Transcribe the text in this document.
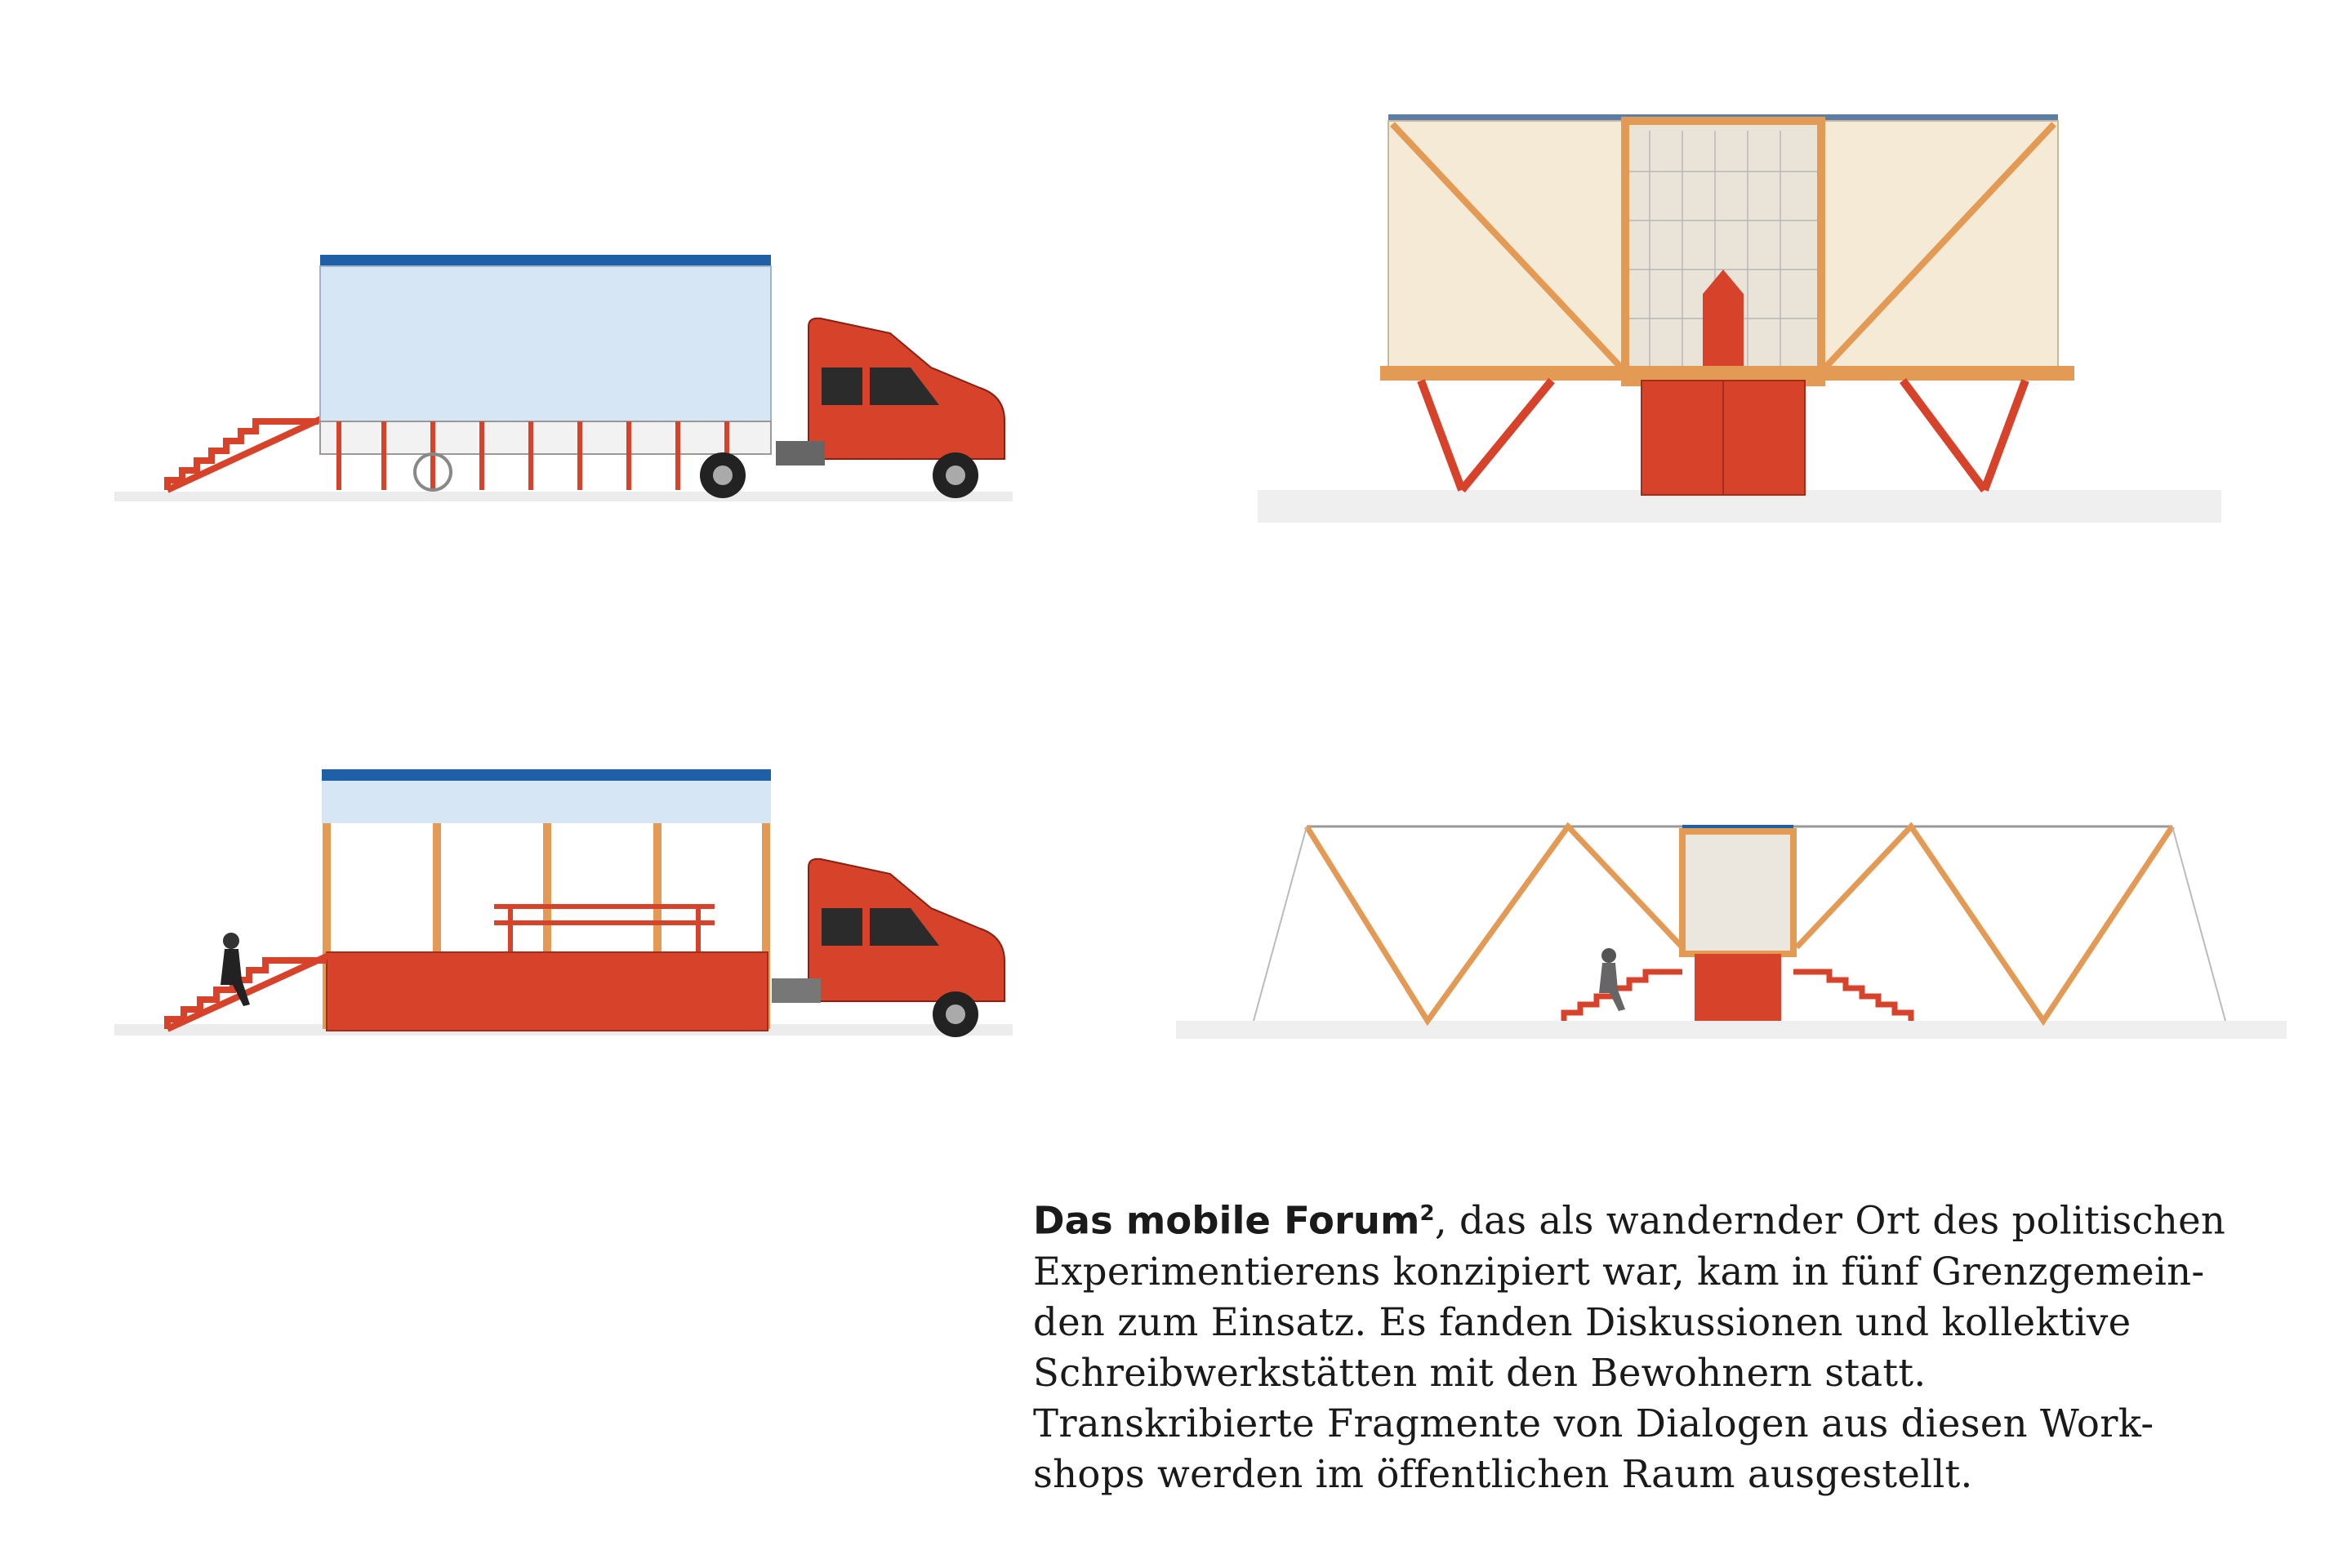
Das mobile Forum$^2$, das als wandernder Ort des politischen
Experimentierens konzipiert war, kam in fünf Grenzgemein-
den zum Einsatz. Es fanden Diskussionen und kollektive
Schreibwerkstätten mit den Bewohnern statt.
Transkribierte Fragmente von Dialogen aus diesen Work-
shops werden im öffentlichen Raum ausgestellt.
